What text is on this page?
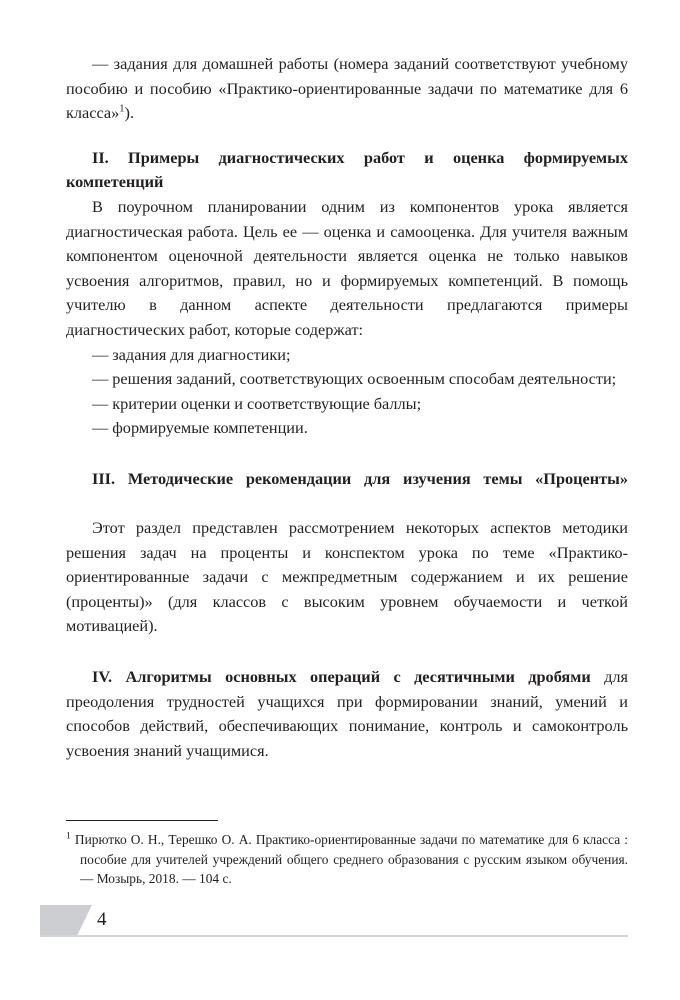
— задания для домашней работы (номера заданий соответствуют учебному пособию и пособию «Практико-ориентированные задачи по математике для 6 класса»$^1$).

II. Примеры диагностических работ и оценка формируемых компетенций

В поурочном планировании одним из компонентов урока является диагностическая работа. Цель ее — оценка и самооценка. Для учителя важным компонентом оценочной деятельности является оценка не только навыков усвоения алгоритмов, правил, но и формируемых компетенций. В помощь учителю в данном аспекте деятельности предлагаются примеры диагностических работ, которые содержат:

— задания для диагностики;

— решения заданий, соответствующих освоенным способам деятельности;

— критерии оценки и соответствующие баллы;

— формируемые компетенции.

III. Методические рекомендации для изучения темы «Проценты»

Этот раздел представлен рассмотрением некоторых аспектов методики решения задач на проценты и конспектом урока по теме «Практико-ориентированные задачи с межпредметным содержанием и их решение (проценты)» (для классов с высоким уровнем обучаемости и четкой мотивацией).

IV. Алгоритмы основных операций с десятичными дробями для преодоления трудностей учащихся при формировании знаний, умений и способов действий, обеспечивающих понимание, контроль и самоконтроль усвоения знаний учащимися.

$^1$ Пирютко О. Н., Терешко О. А. Практико-ориентированные задачи по математике для 6 класса : пособие для учителей учреждений общего среднего образования с русским языком обучения. — Мозырь, 2018. — 104 с.

4
